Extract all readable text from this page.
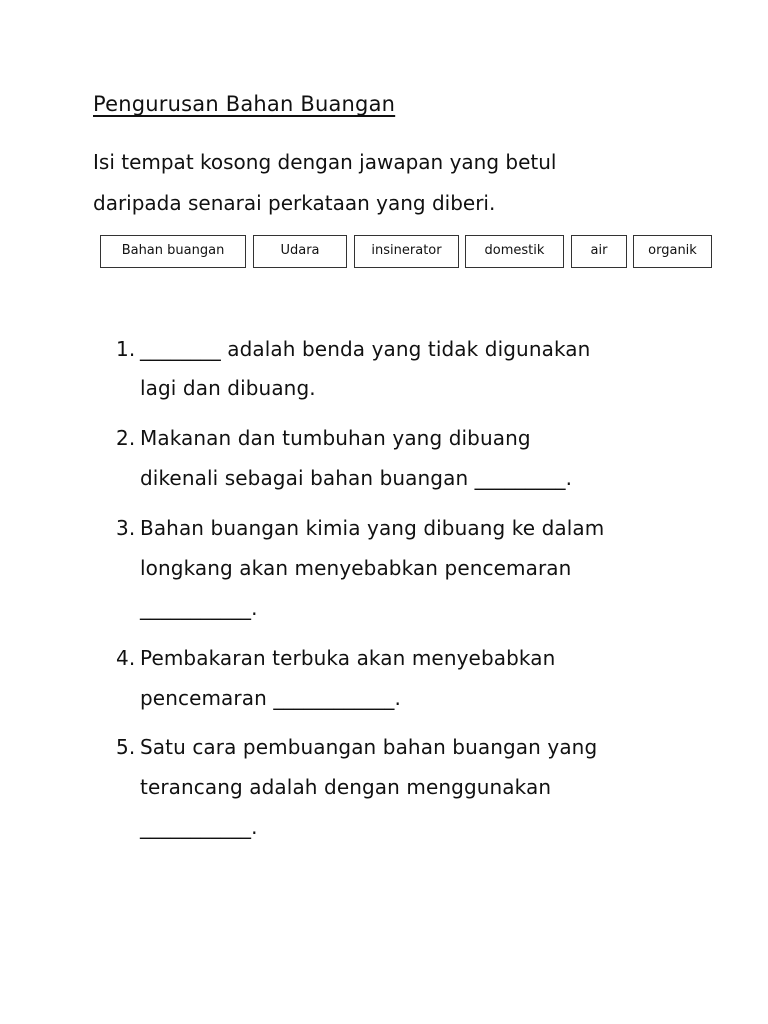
Pengurusan Bahan Buangan
Isi tempat kosong dengan jawapan yang betul
daripada senarai perkataan yang diberi.
Bahan buangan	Udara	insinerator	domestik	air	organik
1. ________ adalah benda yang tidak digunakan
lagi dan dibuang.
2. Makanan dan tumbuhan yang dibuang
dikenali sebagai bahan buangan _________.
3. Bahan buangan kimia yang dibuang ke dalam
longkang akan menyebabkan pencemaran
___________.
4. Pembakaran terbuka akan menyebabkan
pencemaran ____________.
5. Satu cara pembuangan bahan buangan yang
terancang adalah dengan menggunakan
___________.
